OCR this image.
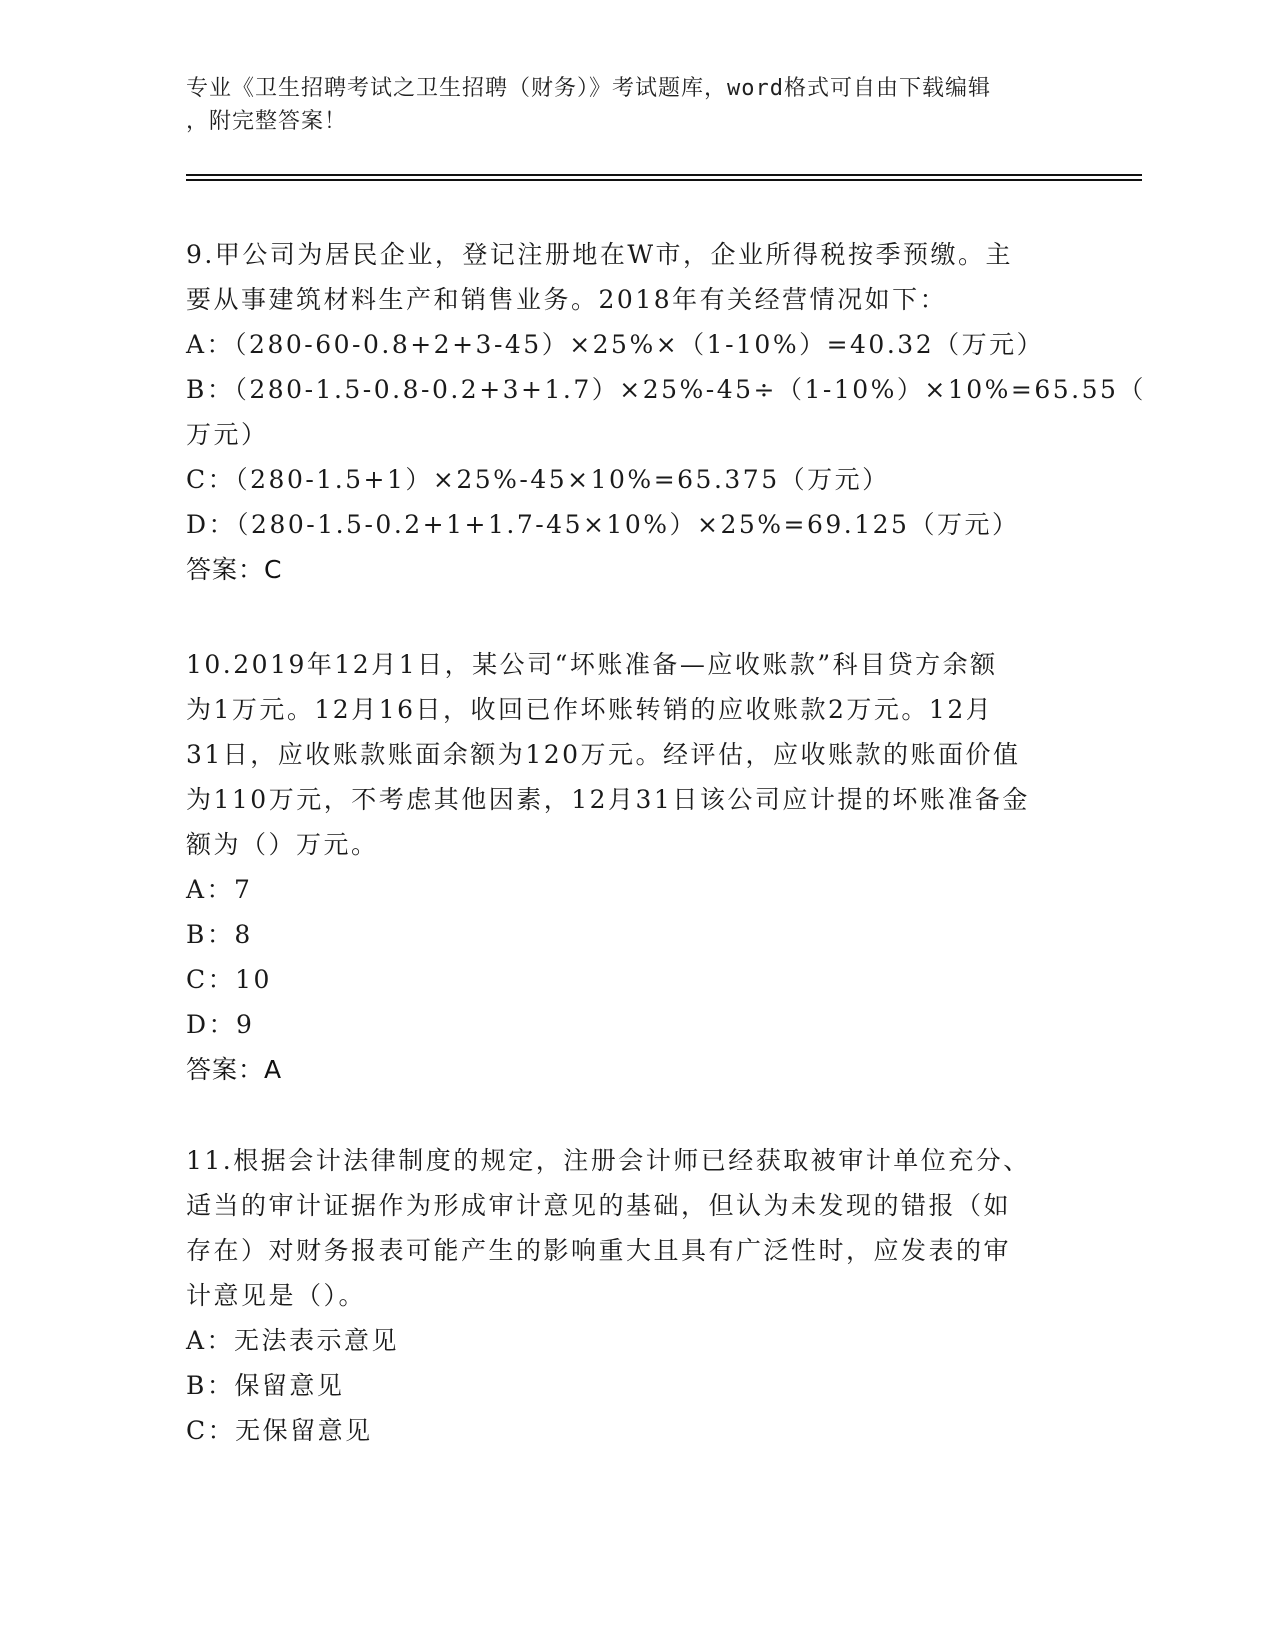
专业《卫生招聘考试之卫生招聘（财务）》考试题库，word格式可自由下载编辑
，附完整答案！
9.甲公司为居民企业，登记注册地在W市，企业所得税按季预缴。主
要从事建筑材料生产和销售业务。2018年有关经营情况如下：
A：（280-60-0.8+2+3-45）×25%×（1-10%）=40.32（万元）
B：（280-1.5-0.8-0.2+3+1.7）×25%-45÷（1-10%）×10%=65.55（
万元）
C：（280-1.5+1）×25%-45×10%=65.375（万元）
D：（280-1.5-0.2+1+1.7-45×10%）×25%=69.125（万元）
答案：C
10.2019年12月1日，某公司“坏账准备—应收账款”科目贷方余额
为1万元。12月16日，收回已作坏账转销的应收账款2万元。12月
31日，应收账款账面余额为120万元。经评估，应收账款的账面价值
为110万元，不考虑其他因素，12月31日该公司应计提的坏账准备金
额为（）万元。
A：7
B：8
C：10
D：9
答案：A
11.根据会计法律制度的规定，注册会计师已经获取被审计单位充分、
适当的审计证据作为形成审计意见的基础，但认为未发现的错报（如
存在）对财务报表可能产生的影响重大且具有广泛性时，应发表的审
计意见是（）。
A：无法表示意见
B：保留意见
C：无保留意见
